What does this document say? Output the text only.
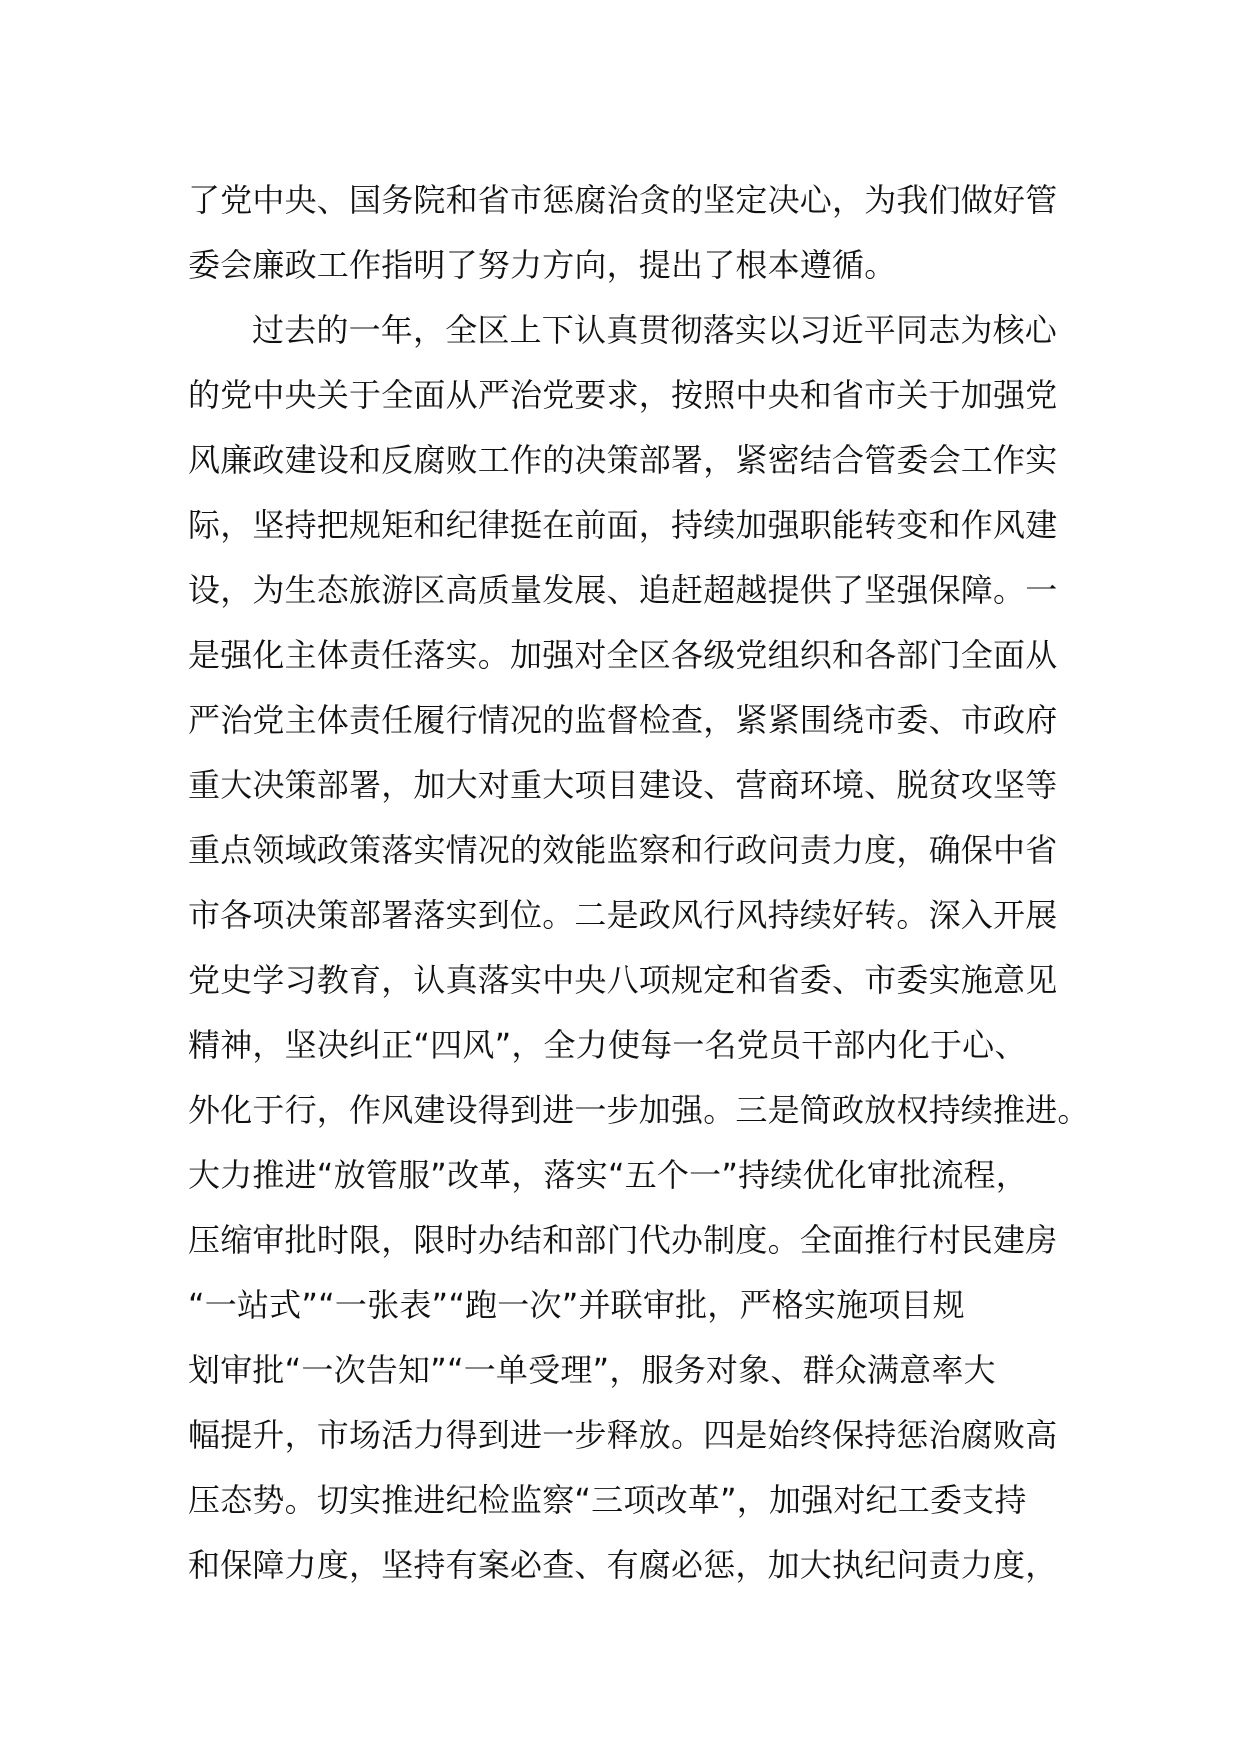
了党中央、国务院和省市惩腐治贪的坚定决心，为我们做好管
委会廉政工作指明了努力方向，提出了根本遵循。
过去的一年，全区上下认真贯彻落实以习近平同志为核心
的党中央关于全面从严治党要求，按照中央和省市关于加强党
风廉政建设和反腐败工作的决策部署，紧密结合管委会工作实
际，坚持把规矩和纪律挺在前面，持续加强职能转变和作风建
设，为生态旅游区高质量发展、追赶超越提供了坚强保障。一
是强化主体责任落实。加强对全区各级党组织和各部门全面从
严治党主体责任履行情况的监督检查，紧紧围绕市委、市政府
重大决策部署，加大对重大项目建设、营商环境、脱贫攻坚等
重点领域政策落实情况的效能监察和行政问责力度，确保中省
市各项决策部署落实到位。二是政风行风持续好转。深入开展
党史学习教育，认真落实中央八项规定和省委、市委实施意见
精神，坚决纠正“四风”，全力使每一名党员干部内化于心、
外化于行，作风建设得到进一步加强。三是简政放权持续推进。
大力推进“放管服”改革，落实“五个一”持续优化审批流程，
压缩审批时限，限时办结和部门代办制度。全面推行村民建房
“一站式”“一张表”“跑一次”并联审批，严格实施项目规
划审批“一次告知”“一单受理”，服务对象、群众满意率大
幅提升，市场活力得到进一步释放。四是始终保持惩治腐败高
压态势。切实推进纪检监察“三项改革”，加强对纪工委支持
和保障力度，坚持有案必查、有腐必惩，加大执纪问责力度，
